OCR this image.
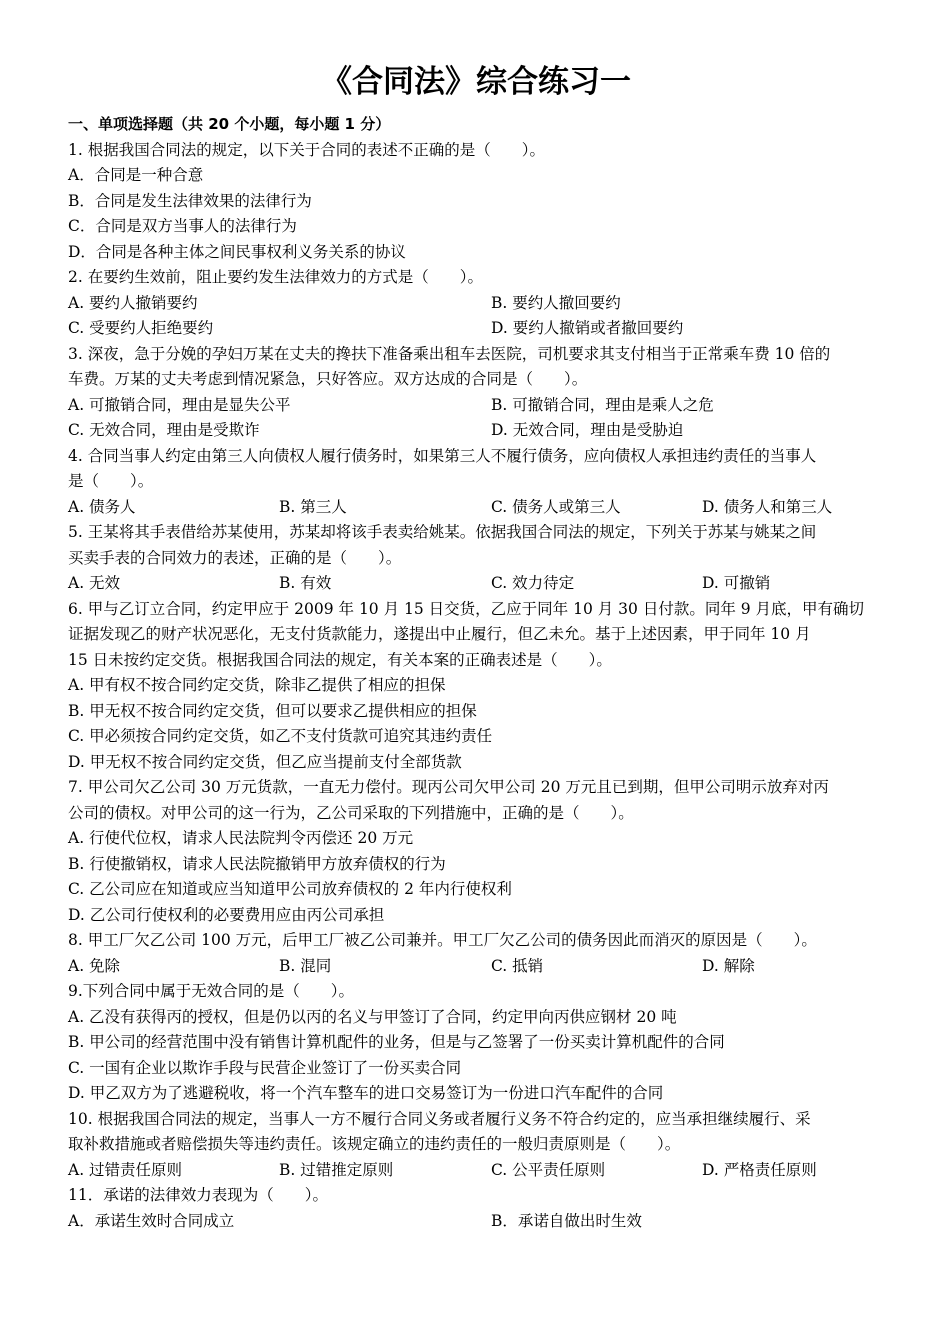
《合同法》综合练习一
一、单项选择题（共 20 个小题，每小题 1 分）
1. 根据我国合同法的规定，以下关于合同的表述不正确的是（　　）。
A．合同是一种合意
B．合同是发生法律效果的法律行为
C．合同是双方当事人的法律行为
D．合同是各种主体之间民事权利义务关系的协议
2. 在要约生效前，阻止要约发生法律效力的方式是（　　）。
A. 要约人撤销要约	B. 要约人撤回要约
C. 受要约人拒绝要约	D. 要约人撤销或者撤回要约
3. 深夜，急于分娩的孕妇万某在丈夫的搀扶下准备乘出租车去医院，司机要求其支付相当于正常乘车费 10 倍的
车费。万某的丈夫考虑到情况紧急，只好答应。双方达成的合同是（　　）。
A. 可撤销合同，理由是显失公平	B. 可撤销合同，理由是乘人之危
C. 无效合同，理由是受欺诈	D. 无效合同，理由是受胁迫
4. 合同当事人约定由第三人向债权人履行债务时，如果第三人不履行债务，应向债权人承担违约责任的当事人
是（　　）。
A. 债务人	B. 第三人	C. 债务人或第三人	D. 债务人和第三人
5. 王某将其手表借给苏某使用，苏某却将该手表卖给姚某。依据我国合同法的规定，下列关于苏某与姚某之间
买卖手表的合同效力的表述，正确的是（　　）。
A. 无效	B. 有效	C. 效力待定	D. 可撤销
6. 甲与乙订立合同，约定甲应于 2009 年 10 月 15 日交货，乙应于同年 10 月 30 日付款。同年 9 月底，甲有确切
证据发现乙的财产状况恶化，无支付货款能力，遂提出中止履行，但乙未允。基于上述因素，甲于同年 10 月
15 日未按约定交货。根据我国合同法的规定，有关本案的正确表述是（　　）。
A. 甲有权不按合同约定交货，除非乙提供了相应的担保
B. 甲无权不按合同约定交货，但可以要求乙提供相应的担保
C. 甲必须按合同约定交货，如乙不支付货款可追究其违约责任
D. 甲无权不按合同约定交货，但乙应当提前支付全部货款
7. 甲公司欠乙公司 30 万元货款，一直无力偿付。现丙公司欠甲公司 20 万元且已到期，但甲公司明示放弃对丙
公司的债权。对甲公司的这一行为，乙公司采取的下列措施中，正确的是（　　）。
A. 行使代位权，请求人民法院判令丙偿还 20 万元
B. 行使撤销权，请求人民法院撤销甲方放弃债权的行为
C. 乙公司应在知道或应当知道甲公司放弃债权的 2 年内行使权利
D. 乙公司行使权利的必要费用应由丙公司承担
8. 甲工厂欠乙公司 100 万元，后甲工厂被乙公司兼并。甲工厂欠乙公司的债务因此而消灭的原因是（　　）。
A. 免除	B. 混同	C. 抵销	D. 解除
9.下列合同中属于无效合同的是（　　）。
A. 乙没有获得丙的授权，但是仍以丙的名义与甲签订了合同，约定甲向丙供应钢材 20 吨
B. 甲公司的经营范围中没有销售计算机配件的业务，但是与乙签署了一份买卖计算机配件的合同
C. 一国有企业以欺诈手段与民营企业签订了一份买卖合同
D. 甲乙双方为了逃避税收，将一个汽车整车的进口交易签订为一份进口汽车配件的合同
10. 根据我国合同法的规定，当事人一方不履行合同义务或者履行义务不符合约定的，应当承担继续履行、采
取补救措施或者赔偿损失等违约责任。该规定确立的违约责任的一般归责原则是（　　）。
A. 过错责任原则	B. 过错推定原则	C. 公平责任原则	D. 严格责任原则
11．承诺的法律效力表现为（　　）。
A．承诺生效时合同成立	B．承诺自做出时生效
